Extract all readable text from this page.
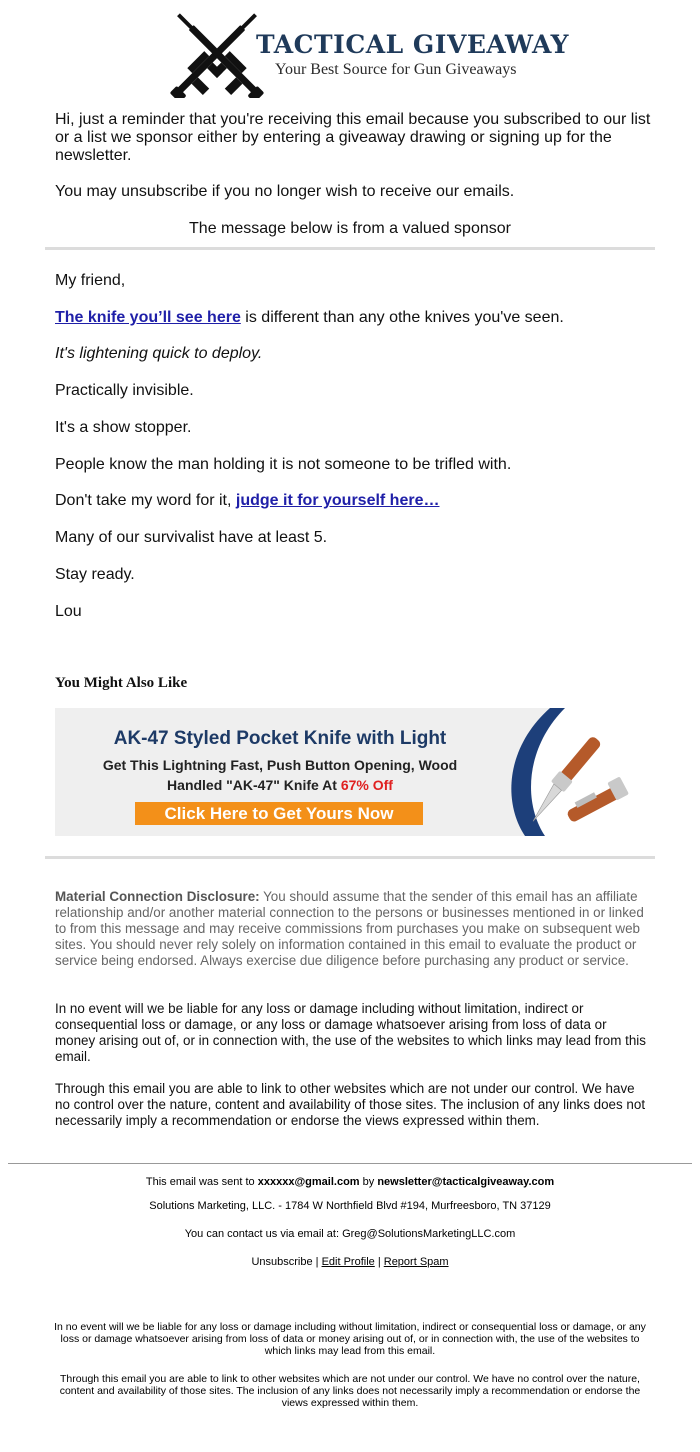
TACTICAL GIVEAWAY
Your Best Source for Gun Giveaways
Hi, just a reminder that you're receiving this email because you subscribed to our list or a list we sponsor either by entering a giveaway drawing or signing up for the newsletter.
You may unsubscribe if you no longer wish to receive our emails.
The message below is from a valued sponsor
My friend,
The knife you’ll see here is different than any othe knives you've seen.
It's lightening quick to deploy.
Practically invisible.
It's a show stopper.
People know the man holding it is not someone to be trifled with.
Don't take my word for it, judge it for yourself here…
Many of our survivalist have at least 5.
Stay ready.
Lou
You Might Also Like
AK-47 Styled Pocket Knife with Light
Get This Lightning Fast, Push Button Opening, Wood
Handled "AK-47" Knife At 67% Off
Click Here to Get Yours Now
Material Connection Disclosure: You should assume that the sender of this email has an affiliate relationship and/or another material connection to the persons or businesses mentioned in or linked to from this message and may receive commissions from purchases you make on subsequent web sites. You should never rely solely on information contained in this email to evaluate the product or service being endorsed. Always exercise due diligence before purchasing any product or service.
In no event will we be liable for any loss or damage including without limitation, indirect or consequential loss or damage, or any loss or damage whatsoever arising from loss of data or money arising out of, or in connection with, the use of the websites to which links may lead from this email.
Through this email you are able to link to other websites which are not under our control. We have no control over the nature, content and availability of those sites. The inclusion of any links does not necessarily imply a recommendation or endorse the views expressed within them.
This email was sent to xxxxxx@gmail.com by newsletter@tacticalgiveaway.com
Solutions Marketing, LLC. - 1784 W Northfield Blvd #194, Murfreesboro, TN 37129
You can contact us via email at: Greg@SolutionsMarketingLLC.com
Unsubscribe | Edit Profile | Report Spam
In no event will we be liable for any loss or damage including without limitation, indirect or consequential loss or damage, or any loss or damage whatsoever arising from loss of data or money arising out of, or in connection with, the use of the websites to which links may lead from this email.
Through this email you are able to link to other websites which are not under our control. We have no control over the nature, content and availability of those sites. The inclusion of any links does not necessarily imply a recommendation or endorse the views expressed within them.
